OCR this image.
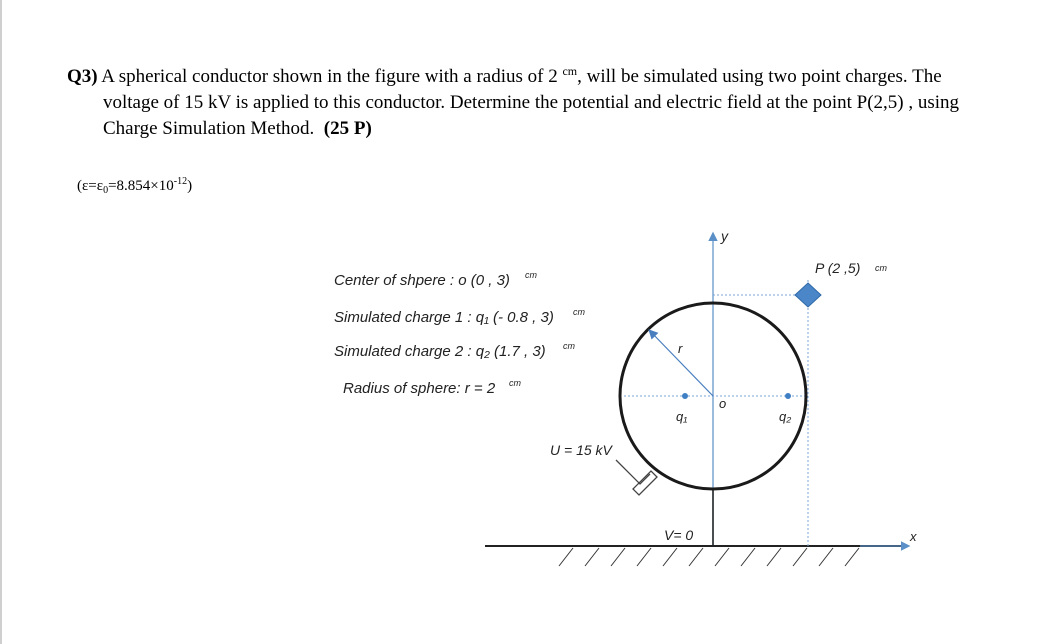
Q3) A spherical conductor shown in the figure with a radius of 2 $^{cm}$, will be simulated using two point charges. The
voltage of 15 kV is applied to this conductor. Determine the potential and electric field at the point P(2,5) , using
Charge Simulation Method. (25 P)
$(\varepsilon=\varepsilon_0=8.854\times 10^{-12})$
Center of shpere : o (0 , 3) cm
Simulated charge 1 : q₁ (- 0.8 , 3) cm
Simulated charge 2 : q₂ (1.7 , 3) cm
Radius of sphere: r = 2 cm
x
y
r
o
q₁	q₂
P (2 ,5) cm
U = 15 kV
V= 0
